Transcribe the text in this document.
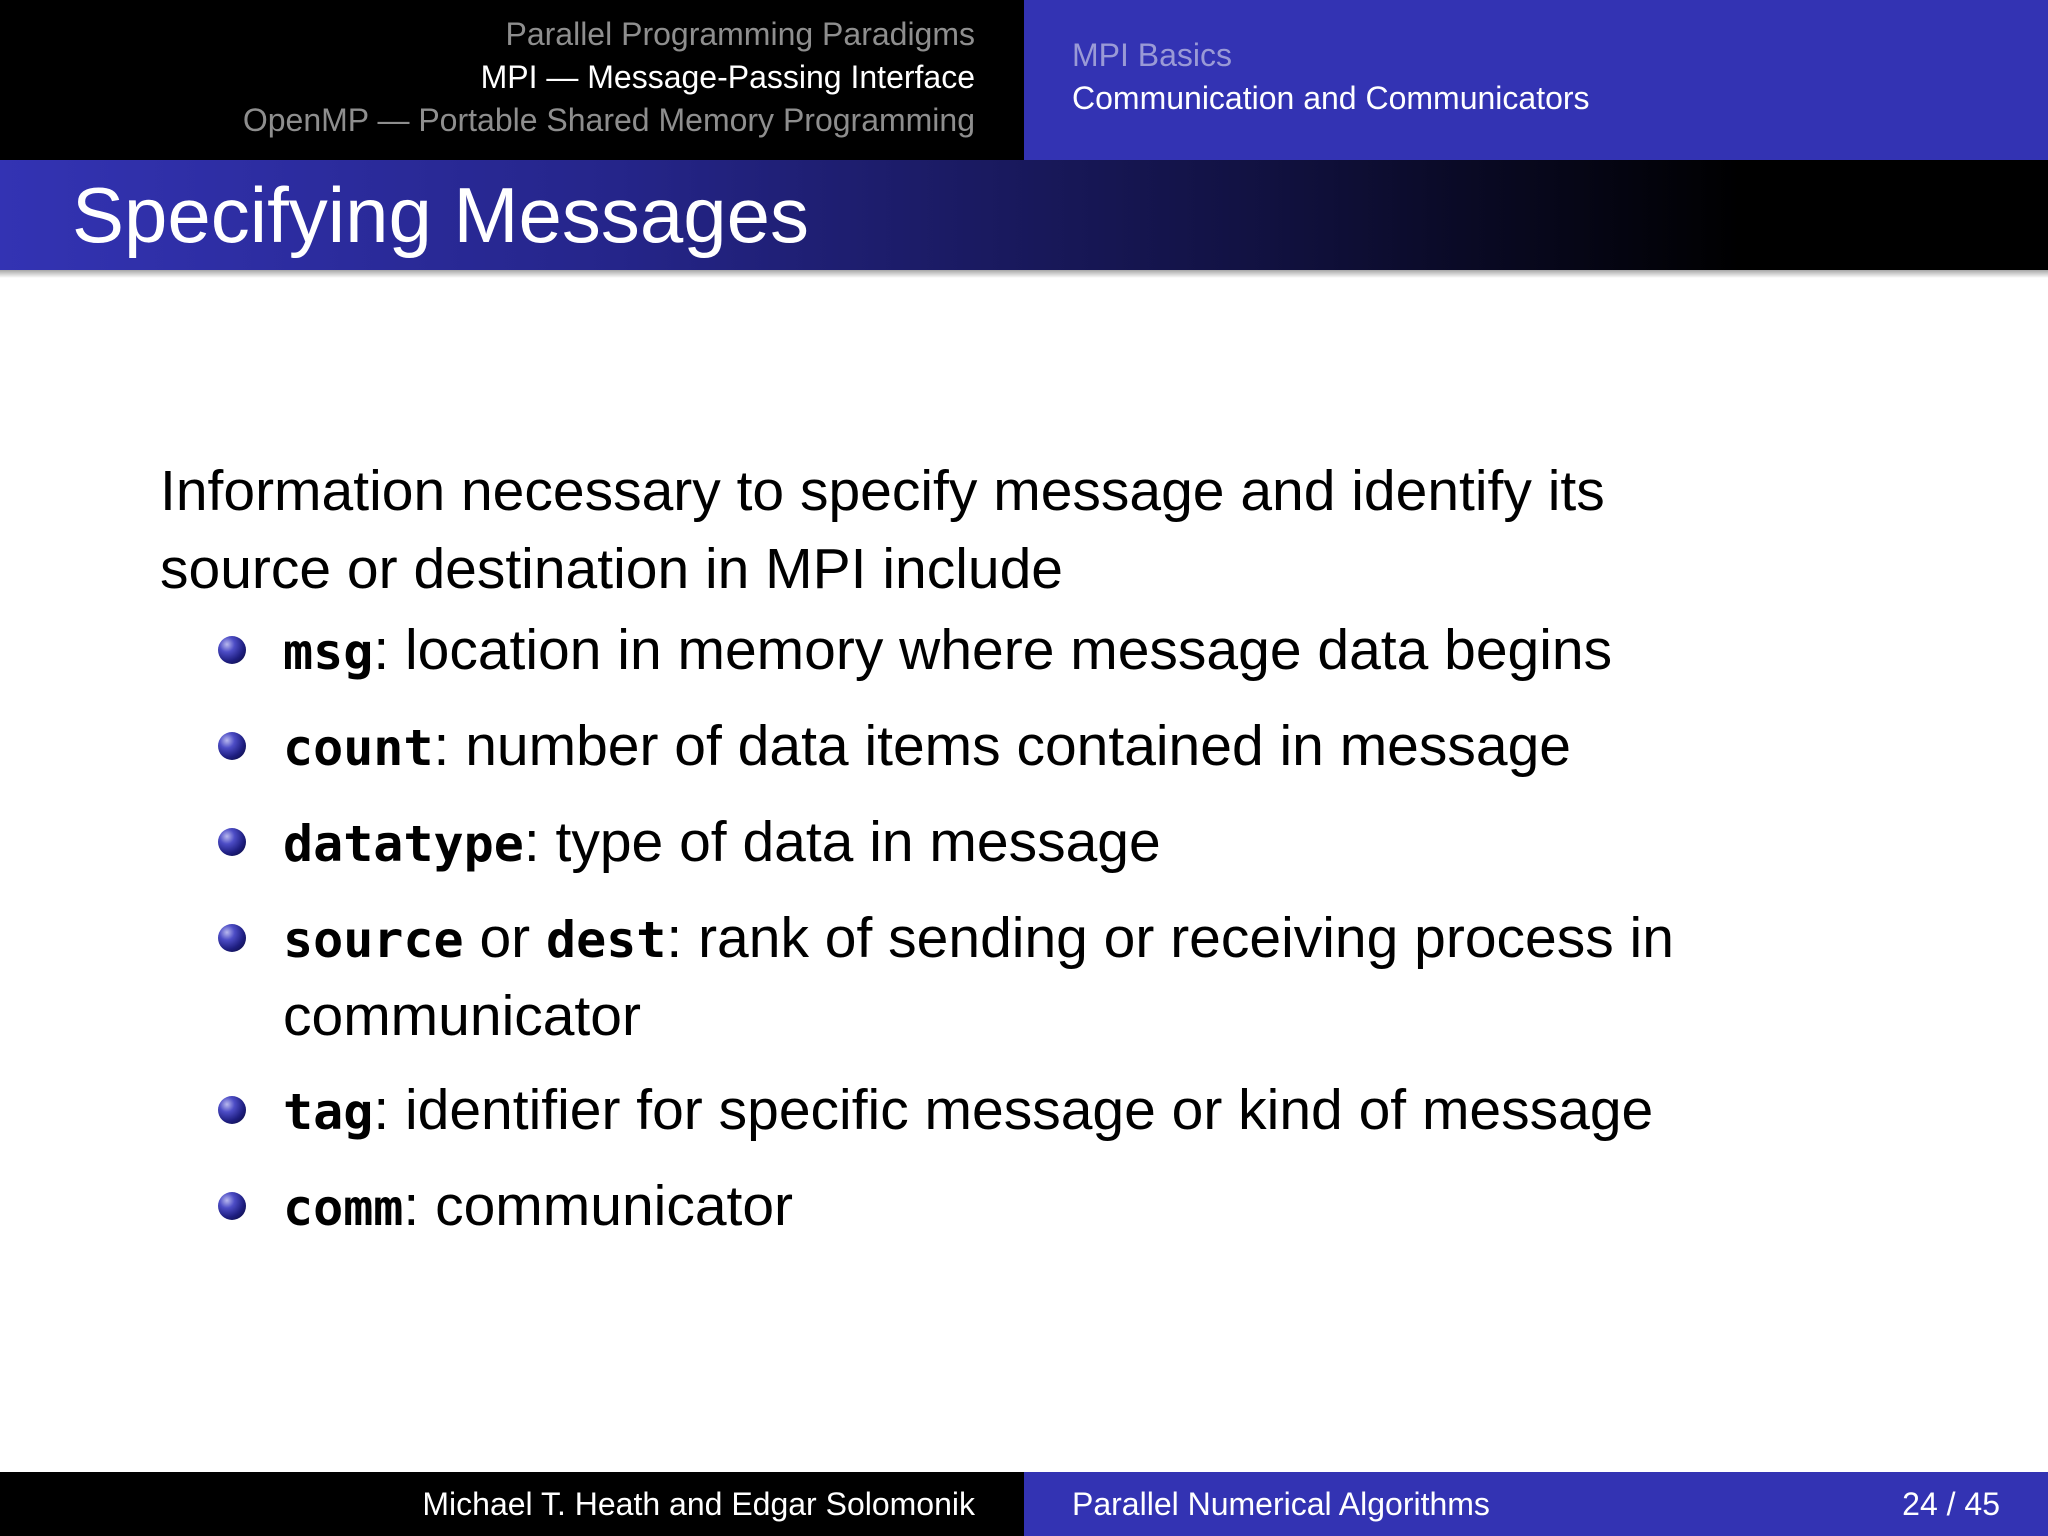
Parallel Programming Paradigms
MPI — Message-Passing Interface
OpenMP — Portable Shared Memory Programming
MPI Basics
Communication and Communicators
Specifying Messages

Information necessary to specify message and identify its
source or destination in MPI include

msg: location in memory where message data begins
count: number of data items contained in message
datatype: type of data in message
source or dest: rank of sending or receiving process in
communicator
tag: identifier for specific message or kind of message
comm: communicator
Michael T. Heath and Edgar Solomonik	Parallel Numerical Algorithms	24 / 45
